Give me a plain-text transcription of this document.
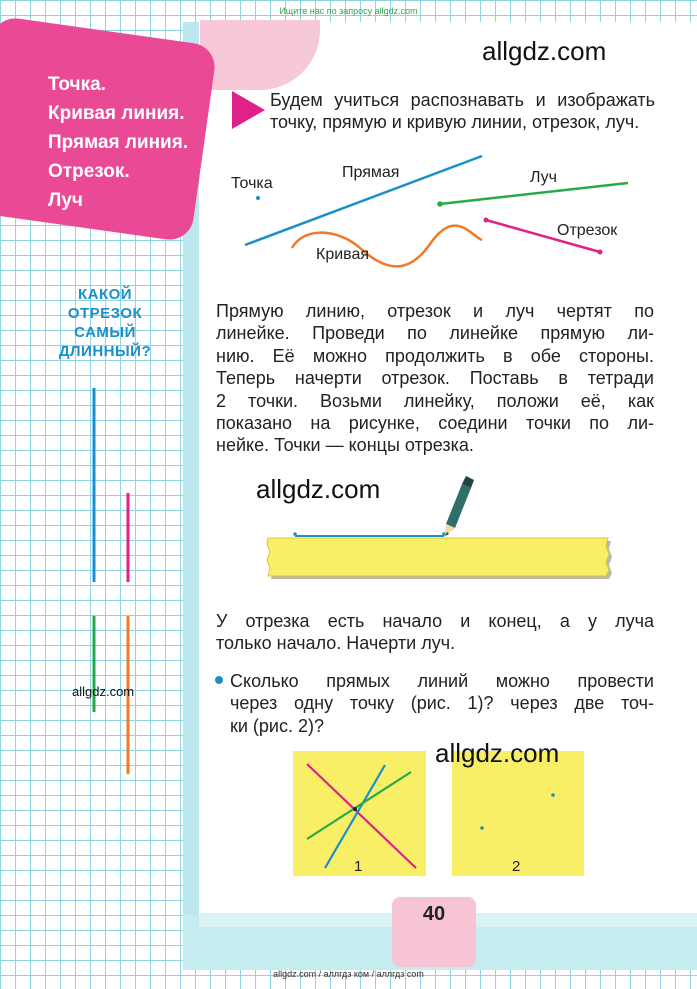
Ищите нас по запросу allgdz.com
Точка.
Кривая линия.
Прямая линия.
Отрезок.
Луч
КАКОЙ
ОТРЕЗОК
САМЫЙ
ДЛИННЫЙ?
allgdz.com
allgdz.com
Будем учиться распознавать и изображать
точку, прямую и кривую линии, отрезок, луч.
Точка
Прямая	Луч
Отрезок
Кривая
Прямую линию, отрезок и луч чертят по
линейке. Проведи по линейке прямую ли-
нию. Её можно продолжить в обе стороны.
Теперь начерти отрезок. Поставь в тетради
2 точки. Возьми линейку, положи её, как
показано на рисунке, соедини точки по ли-
нейке. Точки — концы отрезка.
allgdz.com
У отрезка есть начало и конец, а у луча
только начало. Начерти луч.
Сколько прямых линий можно провести
через одну точку (рис. 1)? через две точ-
ки (рис. 2)?
1	2
allgdz.com
40
allgdz.com / аллгдз ком / аллгдз com
